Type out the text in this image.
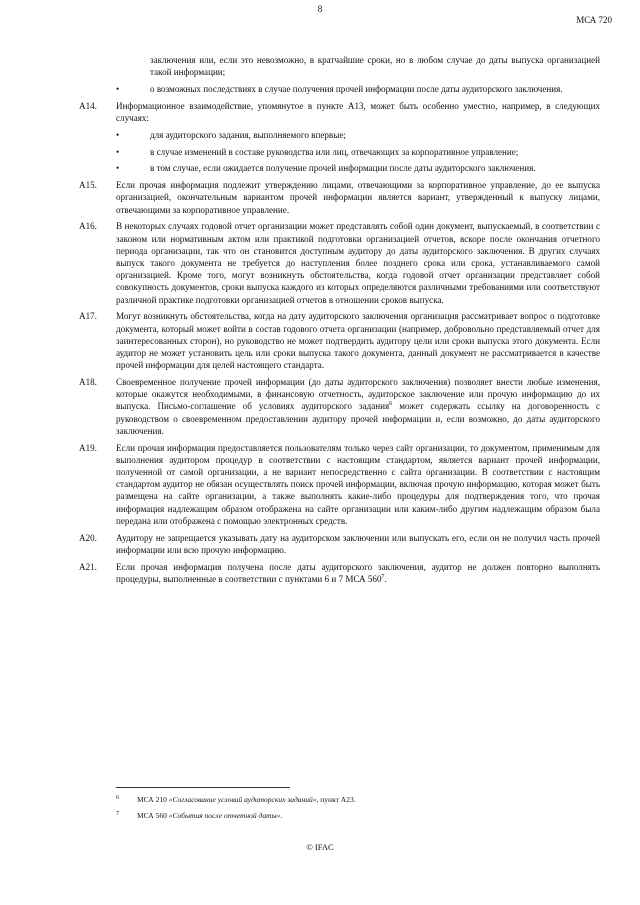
8
МСА 720
заключения или, если это невозможно, в кратчайшие сроки, но в любом случае до даты выпуска организацией такой информации;
•	о возможных последствиях в случае получения прочей информации после даты аудиторского заключения.
A14. Информационное взаимодействие, упомянутое в пункте A13, может быть особенно уместно, например, в следующих случаях:

•	для аудиторского задания, выполняемого впервые;
•	в случае изменений в составе руководства или лиц, отвечающих за корпоративное управление;
•	в том случае, если ожидается получение прочей информации после даты аудиторского заключения.
A15. Если прочая информация подлежит утверждению лицами, отвечающими за корпоративное управление, до ее выпуска организацией, окончательным вариантом прочей информации является вариант, утвержденный к выпуску лицами, отвечающими за корпоративное управление.

A16. В некоторых случаях годовой отчет организации может представлять собой один документ, выпускаемый, в соответствии с законом или нормативным актом или практикой подготовки организацией отчетов, вскоре после окончания отчетного периода организации, так что он становится доступным аудитору до даты аудиторского заключения. В других случаях выпуск такого документа не требуется до наступления более позднего срока или срока, устанавливаемого самой организацией. Кроме того, могут возникнуть обстоятельства, когда годовой отчет организации представляет собой совокупность документов, сроки выпуска каждого из которых определяются различными требованиями или соответствуют различной практике подготовки организацией отчетов в отношении сроков выпуска.

A17. Могут возникнуть обстоятельства, когда на дату аудиторского заключения организация рассматривает вопрос о подготовке документа, который может войти в состав годового отчета организации (например, добровольно представляемый отчет для заинтересованных сторон), но руководство не может подтвердить аудитору цели или сроки выпуска этого документа. Если аудитор не может установить цель или сроки выпуска такого документа, данный документ не рассматривается в качестве прочей информации для целей настоящего стандарта.

A18. Своевременное получение прочей информации (до даты аудиторского заключения) позволяет внести любые изменения, которые окажутся необходимыми, в финансовую отчетность, аудиторское заключение или прочую информацию до их выпуска. Письмо-соглашение об условиях аудиторского задания$^6$ может содержать ссылку на договоренность с руководством о своевременном предоставлении аудитору прочей информации и, если возможно, до даты аудиторского заключения.

A19. Если прочая информация предоставляется пользователям только через сайт организации, то документом, применимым для выполнения аудитором процедур в соответствии с настоящим стандартом, является вариант прочей информации, полученной от самой организации, а не вариант непосредственно с сайта организации. В соответствии с настоящим стандартом аудитор не обязан осуществлять поиск прочей информации, включая прочую информацию, которая может быть размещена на сайте организации, а также выполнять какие-либо процедуры для подтверждения того, что прочая информация надлежащим образом отображена на сайте организации или каким-либо другим надлежащим образом была передана или отображена с помощью электронных средств.

A20. Аудитору не запрещается указывать дату на аудиторском заключении или выпускать его, если он не получил часть прочей информации или всю прочую информацию.

A21. Если прочая информация получена после даты аудиторского заключения, аудитор не должен повторно выполнять процедуры, выполненные в соответствии с пунктами 6 и 7 МСА $560^7$.

6	МСА 210 «Согласование условий аудиторских заданий», пункт A23.
7	МСА 560 «События после отчетной даты».
© IFAC
